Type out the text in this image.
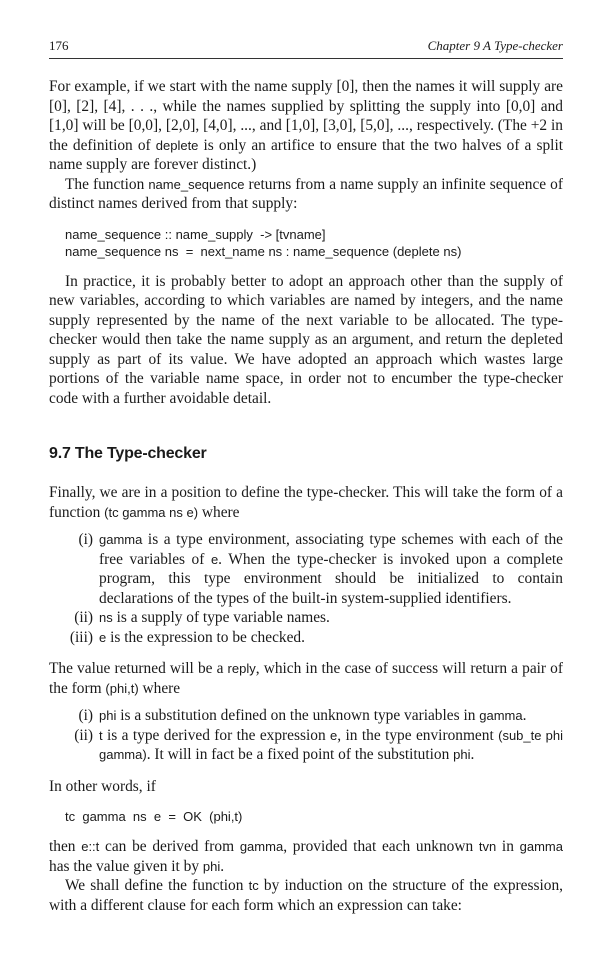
176	Chapter 9 A Type-checker

For example, if we start with the name supply [0], then the names it will supply are [0], [2], [4], . . ., while the names supplied by splitting the supply into [0,0] and [1,0] will be [0,0], [2,0], [4,0], ..., and [1,0], [3,0], [5,0], ..., respectively. (The +2 in the definition of deplete is only an artifice to ensure that the two halves of a split name supply are forever distinct.)

The function name_sequence returns from a name supply an infinite sequence of distinct names derived from that supply:

name_sequence :: name_supply  -> [tvname]
name_sequence ns  =  next_name ns : name_sequence (deplete ns)

In practice, it is probably better to adopt an approach other than the supply of new variables, according to which variables are named by integers, and the name supply represented by the name of the next variable to be allocated. The type-checker would then take the name supply as an argument, and return the depleted supply as part of its value. We have adopted an approach which wastes large portions of the variable name space, in order not to encumber the type-checker code with a further avoidable detail.

9.7 The Type-checker

Finally, we are in a position to define the type-checker. This will take the form of a function (tc gamma ns e) where

(i) gamma is a type environment, associating type schemes with each of the free variables of e. When the type-checker is invoked upon a complete program, this type environment should be initialized to contain declarations of the types of the built-in system-supplied identifiers.
(ii) ns is a supply of type variable names.
(iii) e is the expression to be checked.

The value returned will be a reply, which in the case of success will return a pair of the form (phi,t) where

(i) phi is a substitution defined on the unknown type variables in gamma.
(ii) t is a type derived for the expression e, in the type environment (sub_te phi gamma). It will in fact be a fixed point of the substitution phi.

In other words, if

tc  gamma  ns  e  =  OK  (phi,t)

then e::t can be derived from gamma, provided that each unknown tvn in gamma has the value given it by phi.

We shall define the function tc by induction on the structure of the expression, with a different clause for each form which an expression can take:
